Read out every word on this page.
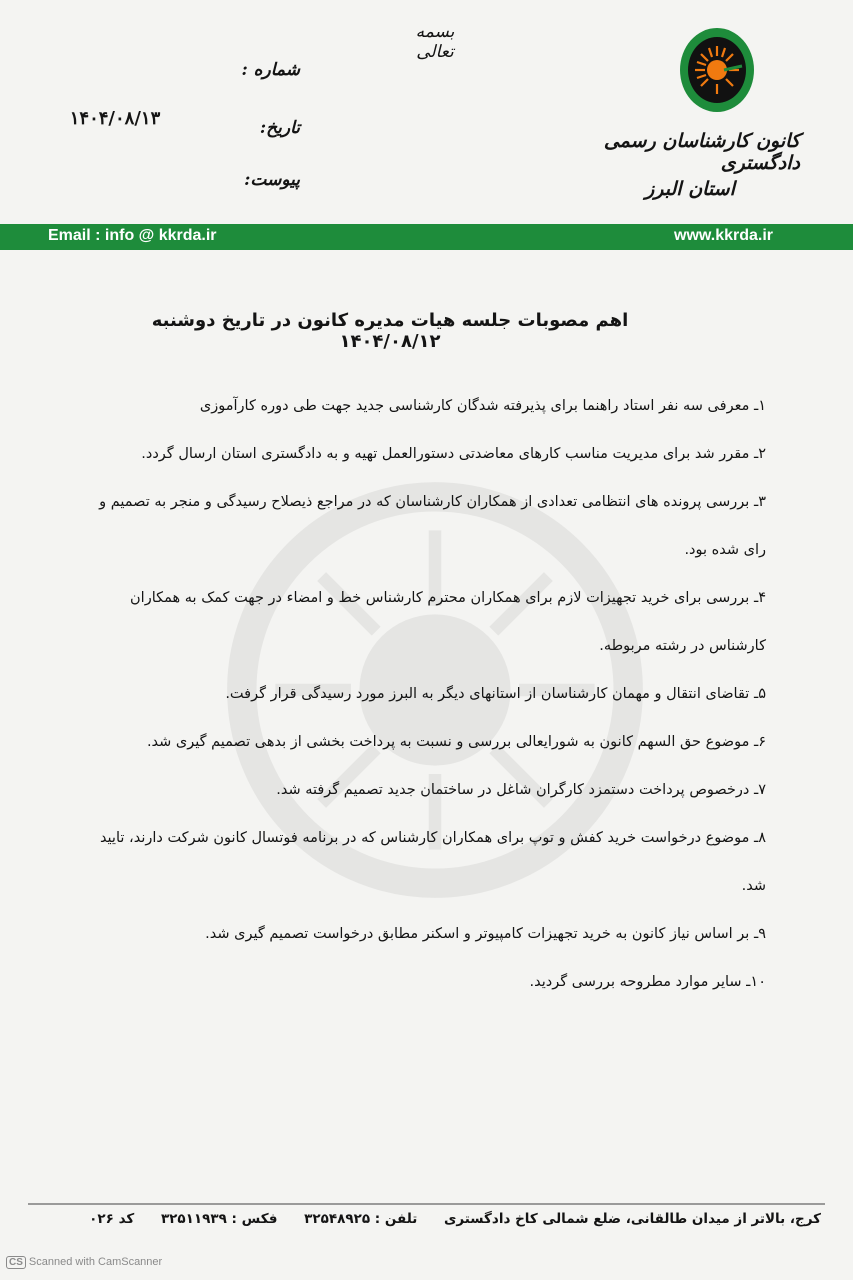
بسمه تعالی
کانون کارشناسان رسمی دادگستری
استان البرز
شماره :
تاریخ:
پیوست:
۱۴۰۴/۰۸/۱۳
Email : info @ kkrda.ir	www.kkrda.ir
اهم مصوبات جلسه هیات مدیره کانون در تاریخ دوشنبه ۱۴۰۴/۰۸/۱۲

۱ـ معرفی سه نفر استاد راهنما برای پذیرفته شدگان کارشناسی جدید جهت طی دوره کارآموزی

۲ـ مقرر شد برای مدیریت مناسب کارهای معاضدتی دستورالعمل تهیه و به دادگستری استان ارسال گردد.

۳ـ بررسی پرونده های انتظامی تعدادی از همکاران کارشناسان که در مراجع ذیصلاح رسیدگی و منجر به تصمیم و رای شده بود.

۴ـ بررسی برای خرید تجهیزات لازم برای همکاران محترم کارشناس خط و امضاء در جهت کمک به همکاران کارشناس در رشته مربوطه.

۵ـ تقاضای انتقال و مهمان کارشناسان از استانهای دیگر به البرز مورد رسیدگی قرار گرفت.

۶ـ موضوع حق السهم کانون به شورایعالی بررسی و نسبت به پرداخت بخشی از بدهی تصمیم گیری شد.

۷ـ درخصوص پرداخت دستمزد کارگران شاغل در ساختمان جدید تصمیم گرفته شد.

۸ـ موضوع درخواست خرید کفش و توپ برای همکاران کارشناس که در برنامه فوتسال کانون شرکت دارند، تایید شد.

۹ـ بر اساس نیاز کانون به خرید تجهیزات کامپیوتر و اسکنر مطابق درخواست تصمیم گیری شد.

۱۰ـ سایر موارد مطروحه بررسی گردید.

کرج، بالاتر از میدان طالقانی، ضلع شمالی کاخ دادگستری تلفن : ۳۲۵۴۸۹۲۵ فکس : ۳۲۵۱۱۹۳۹ کد ۰۲۶
CS Scanned with CamScanner
